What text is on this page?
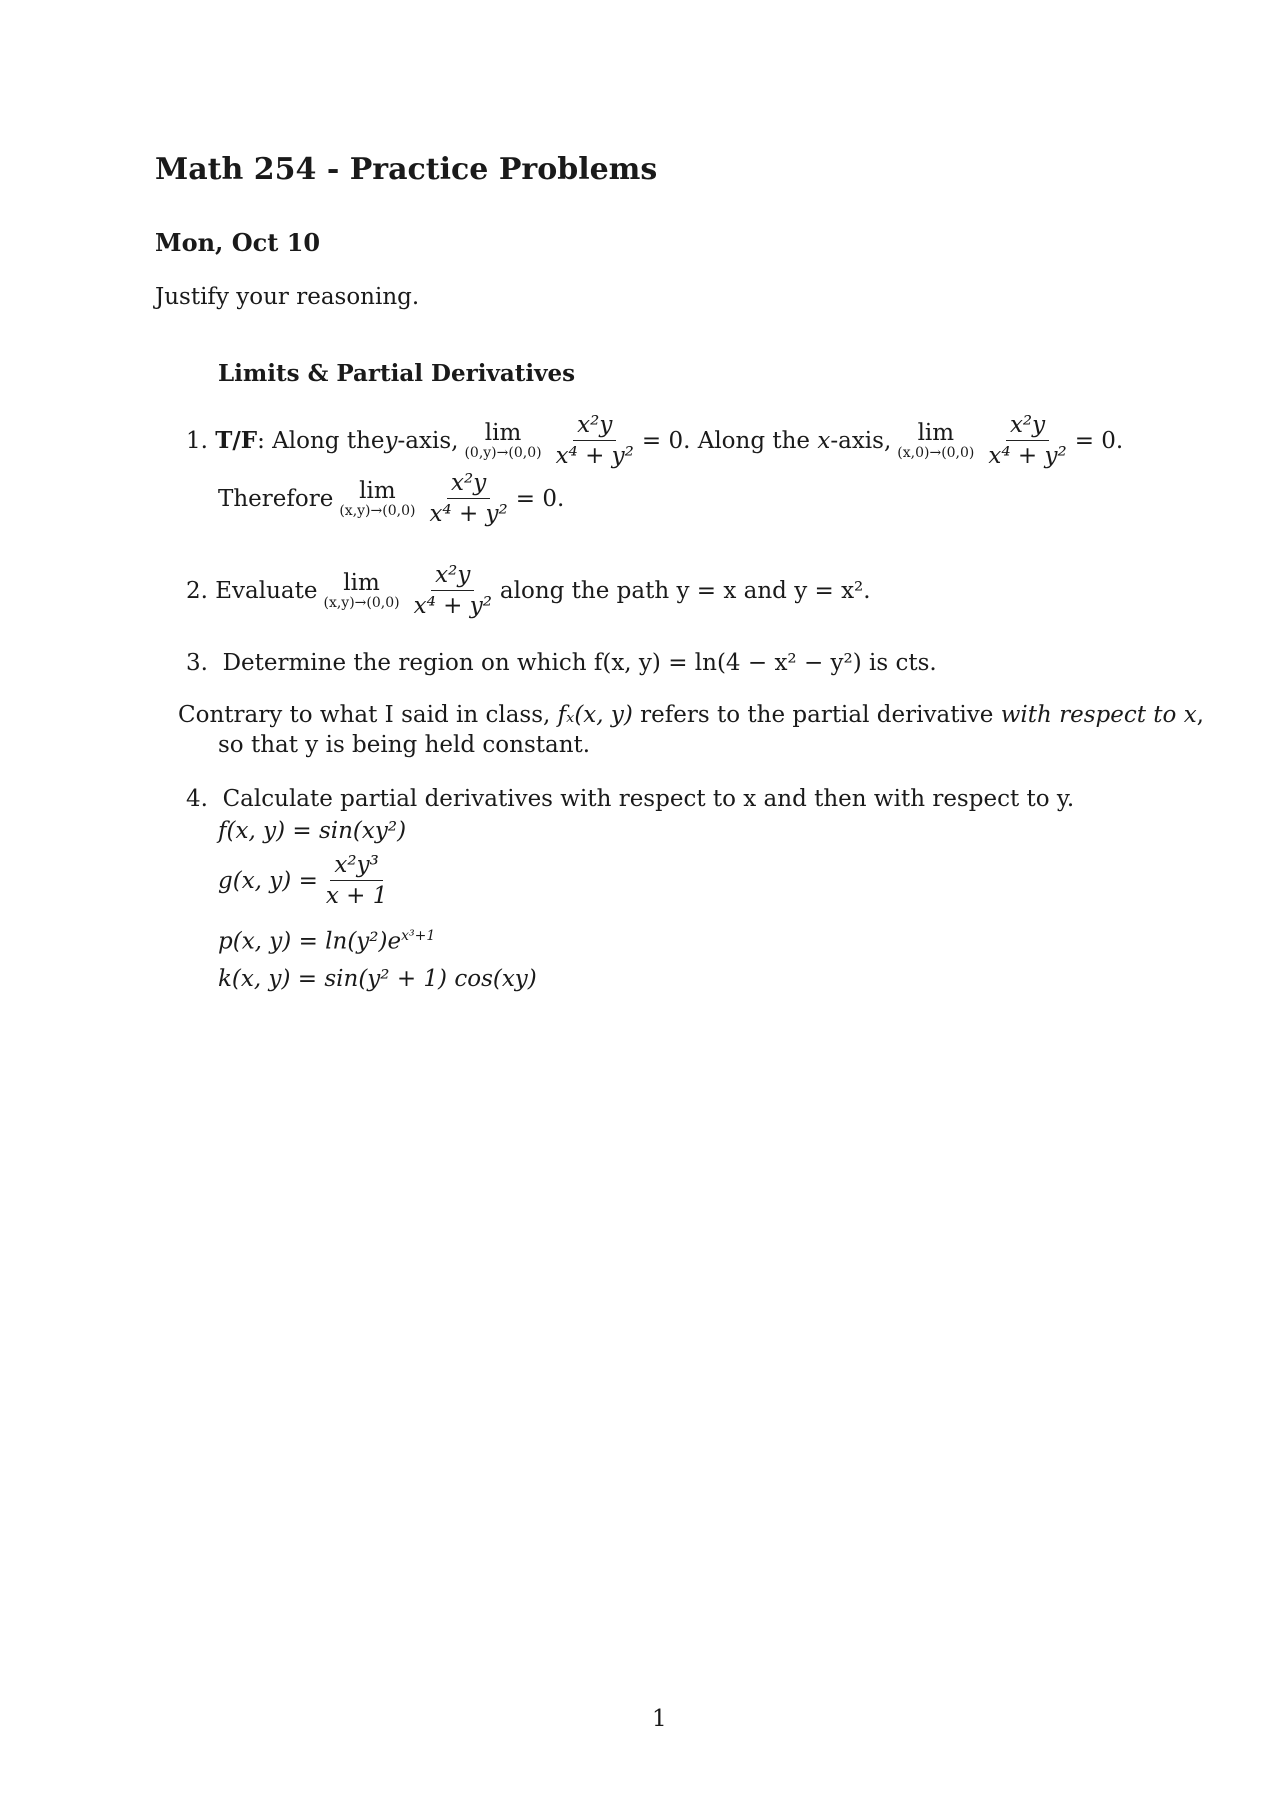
Math 254 - Practice Problems
Mon, Oct 10
Justify your reasoning.
Limits & Partial Derivatives
1.
T/F : Along the y -axis, lim
$(0,y)\to(0,0) \frac{\text{x²y}}{\text{x⁴ + y²}} = 0$. Along the
x -axis, lim
$(x,0)\to(0,0) \frac{\text{x²y}}{\text{x⁴ + y²}} = 0$.
Therefore lim
$(x,y)\to(0,0) \frac{\text{x²y}}{\text{x⁴ + y²}} = 0$.
2.
Evaluate lim
$(x,y)\to(0,0) \frac{\text{x²y}}{\text{x⁴ + y²}}$ along the path y = x and y = x².
3. Determine the region on which f(x, y) = ln(4 − x² − y²) is cts.
Contrary to what I said in class, fₓ(x, y) refers to the partial derivative with respect to x,
so that y is being held constant.
4. Calculate partial derivatives with respect to x and then with respect to y.
f(x, y) = sin(xy²)
g(x, $y) = \frac{\text{x²y³}}{x + 1}$
p(x, $y) = \ln(y^2)e^{x^3+1}$
k(x, y) = sin(y² + 1) cos(xy)
1
